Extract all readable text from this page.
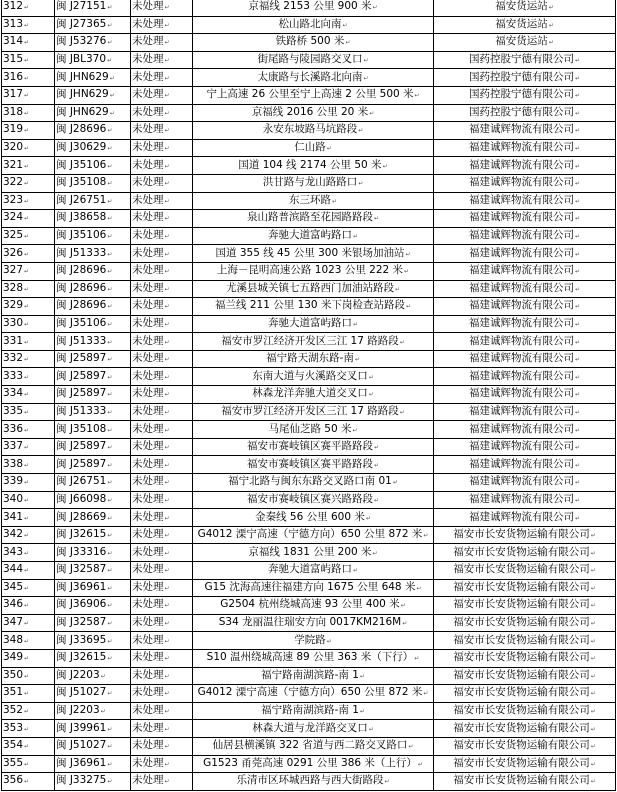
312↵	闽 J27151↵	未处理↵	京福线 2153 公里 900 米↵	福安货运站↵
313↵	闽 J27365↵	未处理↵	松山路北向南↵	福安货运站↵
314↵	闽 J53276↵	未处理↵	铁路桥 500 米↵	福安货运站↵
315↵	闽 JBL370↵	未处理↵	街尾路与陵园路交叉口↵	国药控股宁德有限公司↵
316↵	闽 JHN629↵	未处理↵	太康路与长溪路北向南↵	国药控股宁德有限公司↵
317↵	闽 JHN629↵	未处理↵	宁上高速 26 公里至宁上高速 2 公里 500 米↵	国药控股宁德有限公司↵
318↵	闽 JHN629↵	未处理↵	京福线 2016 公里 20 米↵	国药控股宁德有限公司↵
319↵	闽 J28696↵	未处理↵	永安东坡路马坑路段↵	福建诚辉物流有限公司↵
320↵	闽 J30629↵	未处理↵	仁山路↵	福建诚辉物流有限公司↵
321↵	闽 J35106↵	未处理↵	国道 104 线 2174 公里 50 米↵	福建诚辉物流有限公司↵
322↵	闽 J35108↵	未处理↵	洪甘路与龙山路路口↵	福建诚辉物流有限公司↵
323↵	闽 J26751↵	未处理↵	东三环路↵	福建诚辉物流有限公司↵
324↵	闽 J38658↵	未处理↵	泉山路普滨路至花园路路段↵	福建诚辉物流有限公司↵
325↵	闽 J35106↵	未处理↵	奔驰大道富屿路口↵	福建诚辉物流有限公司↵
326↵	闽 J51333↵	未处理↵	国道 355 线 45 公里 300 米银场加油站↵	福建诚辉物流有限公司↵
327↵	闽 J28696↵	未处理↵	上海－昆明高速公路 1023 公里 222 米↵	福建诚辉物流有限公司↵
328↵	闽 J28696↵	未处理↵	尤溪县城关镇七五路西门加油站路段↵	福建诚辉物流有限公司↵
329↵	闽 J28696↵	未处理↵	福兰线 211 公里 130 米下岗检查站路段↵	福建诚辉物流有限公司↵
330↵	闽 J35106↵	未处理↵	奔驰大道富屿路口↵	福建诚辉物流有限公司↵
331↵	闽 J51333↵	未处理↵	福安市罗江经济开发区三江 17 路路段↵	福建诚辉物流有限公司↵
332↵	闽 J25897↵	未处理↵	福宁路天湖东路-南↵	福建诚辉物流有限公司↵
333↵	闽 J25897↵	未处理↵	东南大道与火溪路交叉口↵	福建诚辉物流有限公司↵
334↵	闽 J25897↵	未处理↵	林森龙洋奔驰大道交叉口↵	福建诚辉物流有限公司↵
335↵	闽 J51333↵	未处理↵	福安市罗江经济开发区三江 17 路路段↵	福建诚辉物流有限公司↵
336↵	闽 J35108↵	未处理↵	马尾仙芝路 50 米↵	福建诚辉物流有限公司↵
337↵	闽 J25897↵	未处理↵	福安市赛岐镇区赛平路路段↵	福建诚辉物流有限公司↵
338↵	闽 J25897↵	未处理↵	福安市赛岐镇区赛平路路段↵	福建诚辉物流有限公司↵
339↵	闽 J26751↵	未处理↵	福宁北路与闽东东路交叉路口南 01↵	福建诚辉物流有限公司↵
340↵	闽 J66098↵	未处理↵	福安市赛岐镇区赛兴路路段↵	福建诚辉物流有限公司↵
341↵	闽 J28669↵	未处理↵	金秦线 56 公里 600 米↵	福建诚辉物流有限公司↵
342↵	闽 J32615↵	未处理↵	G4012 溧宁高速（宁德方向）650 公里 872 米↵	福安市长安货物运输有限公司↵
343↵	闽 J33316↵	未处理↵	京福线 1831 公里 200 米↵	福安市长安货物运输有限公司↵
344↵	闽 J32587↵	未处理↵	奔驰大道富屿路口↵	福安市长安货物运输有限公司↵
345↵	闽 J36961↵	未处理↵	G15 沈海高速往福建方向 1675 公里 648 米↵	福安市长安货物运输有限公司↵
346↵	闽 J36906↵	未处理↵	G2504 杭州绕城高速 93 公里 400 米↵	福安市长安货物运输有限公司↵
347↵	闽 J32587↵	未处理↵	S34 龙丽温往瑞安方向 0017KM216M↵	福安市长安货物运输有限公司↵
348↵	闽 J33695↵	未处理↵	学院路↵	福安市长安货物运输有限公司↵
349↵	闽 J32615↵	未处理↵	S10 温州绕城高速 89 公里 363 米（下行）↵	福安市长安货物运输有限公司↵
350↵	闽 J2203↵	未处理↵	福宁路南湖滨路-南 1↵	福安市长安货物运输有限公司↵
351↵	闽 J51027↵	未处理↵	G4012 溧宁高速（宁德方向）650 公里 872 米↵	福安市长安货物运输有限公司↵
352↵	闽 J2203↵	未处理↵	福宁路南湖滨路-南 1↵	福安市长安货物运输有限公司↵
353↵	闽 J39961↵	未处理↵	林森大道与龙洋路交叉口↵	福安市长安货物运输有限公司↵
354↵	闽 J51027↵	未处理↵	仙居县横溪镇 322 省道与西二路交叉路口↵	福安市长安货物运输有限公司↵
355↵	闽 J36961↵	未处理↵	G1523 甬莞高速 0291 公里 386 米（上行）↵	福安市长安货物运输有限公司↵
356↵	闽 J33275↵	未处理↵	乐清市区环城西路与西大街路段↵	福安市长安货物运输有限公司↵
